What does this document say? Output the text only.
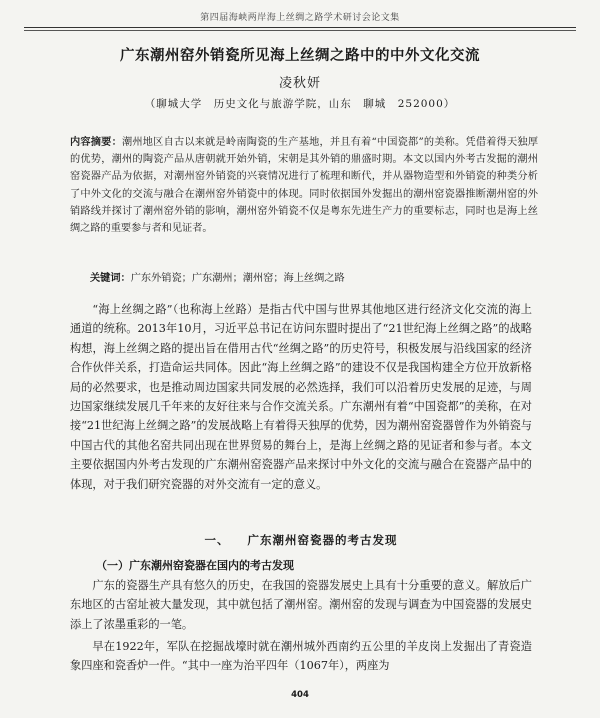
第四届海峡两岸海上丝绸之路学术研讨会论文集
广东潮州窑外销瓷所见海上丝绸之路中的中外文化交流
凌秋妍
（聊城大学　历史文化与旅游学院，山东　聊城　252000）
内容摘要：潮州地区自古以来就是岭南陶瓷的生产基地，并且有着“中国瓷都”的美称。凭借着得天独厚的优势，潮州的陶瓷产品从唐朝就开始外销，宋朝是其外销的鼎盛时期。本文以国内外考古发掘的潮州窑瓷器产品为依据，对潮州窑外销瓷的兴衰情况进行了梳理和断代，并从器物造型和外销瓷的种类分析了中外文化的交流与融合在潮州窑外销瓷中的体现。同时依据国外发掘出的潮州窑瓷器推断潮州窑的外销路线并探讨了潮州窑外销的影响，潮州窑外销瓷不仅是粤东先进生产力的重要标志，同时也是海上丝绸之路的重要参与者和见证者。
关键词：广东外销瓷；广东潮州；潮州窑；海上丝绸之路
“海上丝绸之路”（也称海上丝路）是指古代中国与世界其他地区进行经济文化交流的海上通道的统称。2013年10月，习近平总书记在访问东盟时提出了“21世纪海上丝绸之路”的战略构想，海上丝绸之路的提出旨在借用古代“丝绸之路”的历史符号，积极发展与沿线国家的经济合作伙伴关系，打造命运共同体。因此“海上丝绸之路”的建设不仅是我国构建全方位开放新格局的必然要求，也是推动周边国家共同发展的必然选择，我们可以沿着历史发展的足迹，与周边国家继续发展几千年来的友好往来与合作交流关系。广东潮州有着“中国瓷都”的美称，在对接“21世纪海上丝绸之路”的发展战略上有着得天独厚的优势，因为潮州窑瓷器曾作为外销瓷与中国古代的其他名窑共同出现在世界贸易的舞台上，是海上丝绸之路的见证者和参与者。本文主要依据国内外考古发现的广东潮州窑瓷器产品来探讨中外文化的交流与融合在瓷器产品中的体现，对于我们研究瓷器的对外交流有一定的意义。
一、 广东潮州窑瓷器的考古发现
（一）广东潮州窑瓷器在国内的考古发现
广东的瓷器生产具有悠久的历史，在我国的瓷器发展史上具有十分重要的意义。解放后广东地区的古窑址被大量发现，其中就包括了潮州窑。潮州窑的发现与调查为中国瓷器的发展史添上了浓墨重彩的一笔。
早在1922年，军队在挖掘战壕时就在潮州城外西南约五公里的羊皮岗上发掘出了青瓷造象四座和瓷香炉一件。“其中一座为治平四年（1067年），两座为
404
